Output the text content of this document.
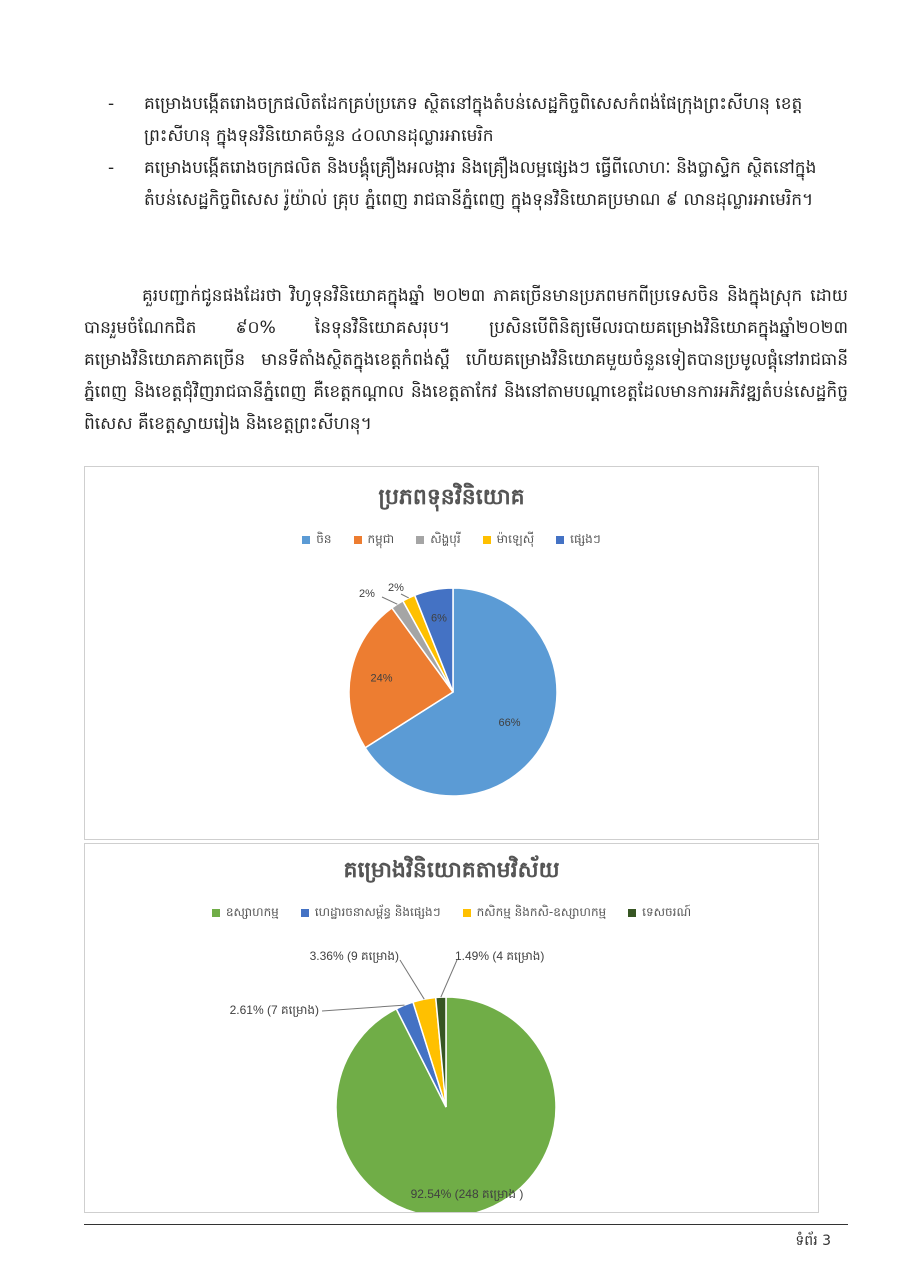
-	គម្រោងបង្កើតរោងចក្រផលិតដែកគ្រប់ប្រភេទ ស្ថិតនៅក្នុងតំបន់សេដ្ឋកិច្ចពិសេសកំពង់ផែក្រុងព្រះសីហនុ ខេត្តព្រះសីហនុ ក្នុងទុនវិនិយោគចំនួន ៤០លានដុល្លារអាមេរិក
-	គម្រោងបង្កើតរោងចក្រផលិត និងបង្គុំគ្រឿងអលង្ការ និងគ្រឿងលម្អផ្សេងៗ ធ្វើពីលោហៈ និងប្លាស្ទិក ស្ថិតនៅក្នុងតំបន់សេដ្ឋកិច្ចពិសេស រ៉ូយ៉ាល់ គ្រុប ភ្នំពេញ រាជធានីភ្នំពេញ ក្នុងទុនវិនិយោគប្រមាណ ៩ លានដុល្លារអាមេរិក។
គួរបញ្ជាក់ជូនផងដែរថា វិហូទុនវិនិយោគក្នុងឆ្នាំ ២០២៣ ភាគច្រើនមានប្រភពមកពីប្រទេសចិន និងក្នុងស្រុក ដោយបានរួមចំណែកជិត ៩០% នៃទុនវិនិយោគសរុប។ ប្រសិនបើពិនិត្យមើលរបាយគម្រោងវិនិយោគក្នុងឆ្នាំ២០២៣ គម្រោងវិនិយោគភាគច្រើន មានទីតាំងស្ថិតក្នុងខេត្តកំពង់ស្ពឺ ហើយគម្រោងវិនិយោគមួយចំនួនទៀតបានប្រមូលផ្តុំនៅរាជធានីភ្នំពេញ និងខេត្តជុំវិញរាជធានីភ្នំពេញ គឺខេត្តកណ្តាល និងខេត្តតាកែវ និងនៅតាមបណ្តាខេត្តដែលមានការអភិវឌ្ឍតំបន់សេដ្ឋកិច្ចពិសេស គឺខេត្តស្វាយរៀង និងខេត្តព្រះសីហនុ។
ប្រភពទុនវិនិយោគ
ចិន	កម្ពុជា	សិង្ហបុរី	ម៉ាឡេស៊ី	ផ្សេងៗ
66%
24%
2% 2%
6%
គម្រោងវិនិយោគតាមវិស័យ
ឧស្សាហកម្ម	ហេដ្ឋារចនាសម្ព័ន្ធ និងផ្សេងៗ	កសិកម្ម និងកសិ-ឧស្សាហកម្ម	ទេសចរណ៍
92.54% (248 គម្រោង )
2.61% (7 គម្រោង)
3.36% (9 គម្រោង)	1.49% (4 គម្រោង)
ទំព័រ 3
